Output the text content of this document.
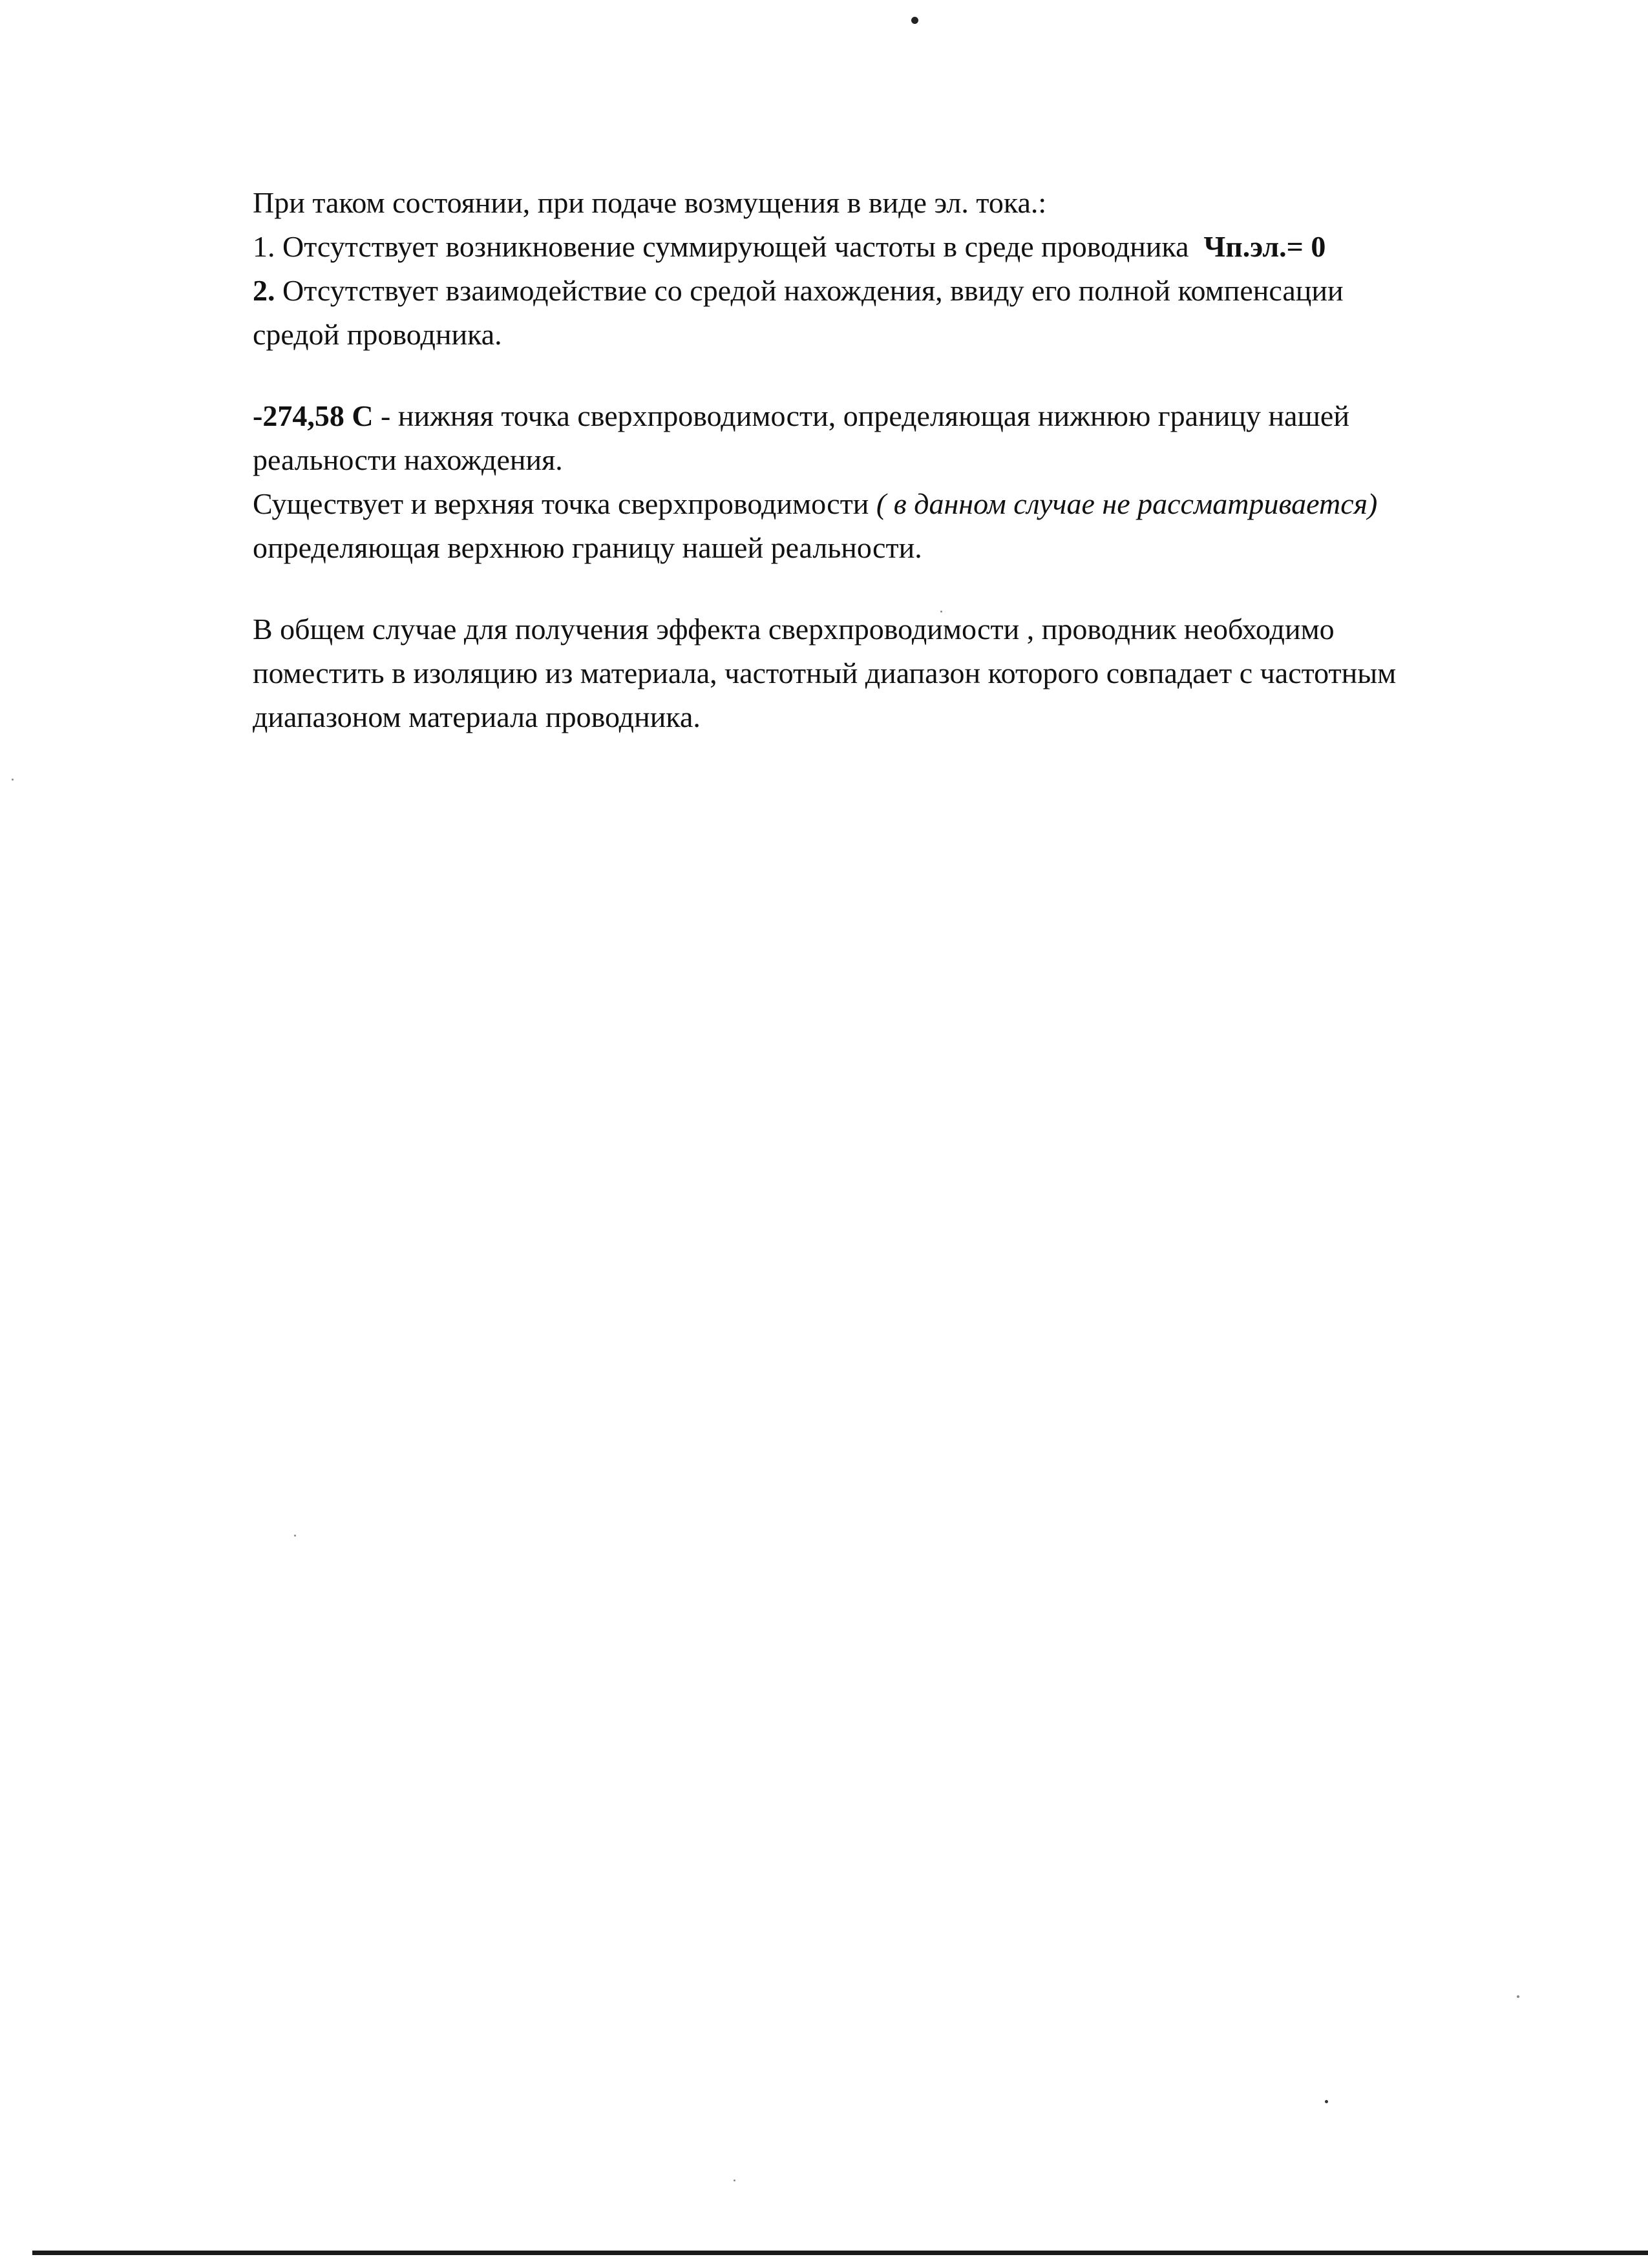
При таком состоянии, при подаче возмущения в виде эл. тока.:
1. Отсутствует возникновение суммирующей частоты в среде проводника  Чп.эл.= 0
2. Отсутствует взаимодействие со средой нахождения, ввиду его полной компенсации
средой проводника.
-274,58 С - нижняя точка сверхпроводимости, определяющая нижнюю границу нашей
реальности нахождения.
Существует и верхняя точка сверхпроводимости ( в данном случае не рассматривается)
определяющая верхнюю границу нашей реальности.
В общем случае для получения эффекта сверхпроводимости , проводник необходимо
поместить в изоляцию из материала, частотный диапазон которого совпадает с частотным
диапазоном материала проводника.
